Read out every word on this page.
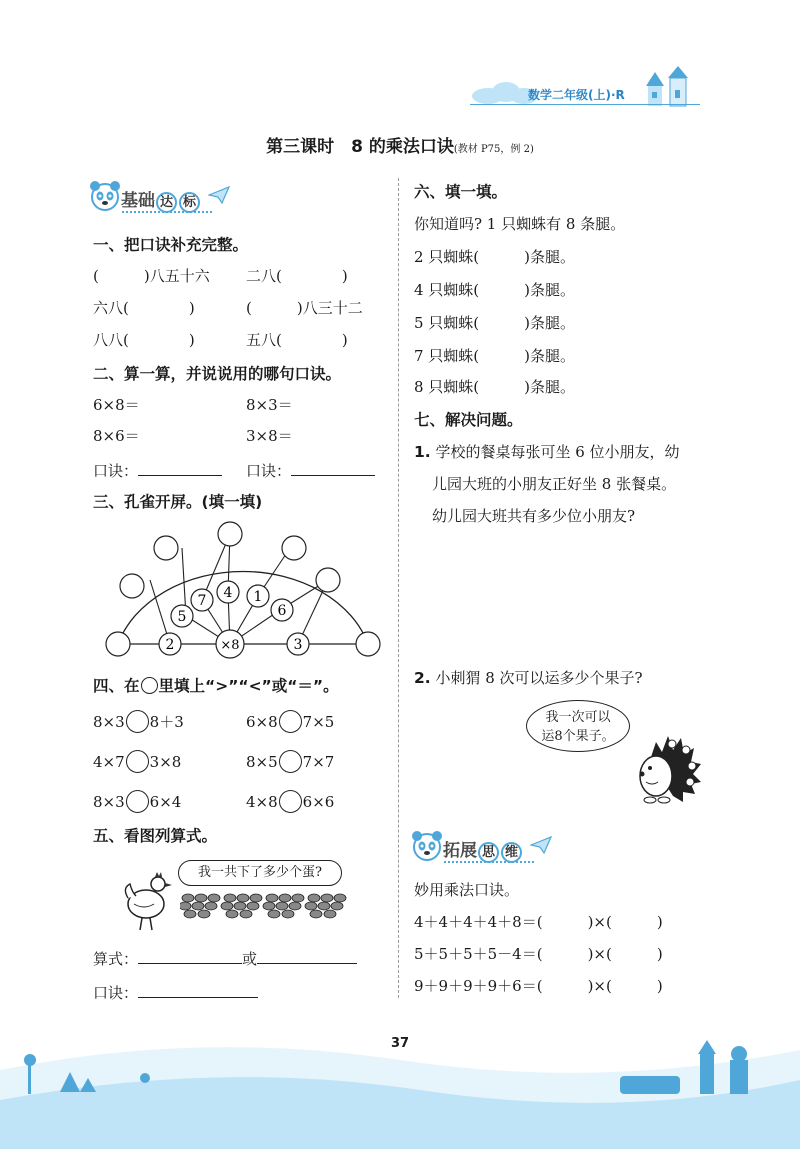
数学二年级(上)·R
第三课时　8 的乘法口诀(教材 P75，例 2)
基础 达 标
一、把口诀补充完整。
(　　　)八五十六 二八(　　　　)
六八(　　　　)	(　　　)八三十二
八八(　　　　)	五八(　　　　)
二、算一算，并说说用的哪句口诀。
6×8＝	8×3＝
8×6＝	3×8＝
口诀：	口诀：
三、孔雀开屏。(填一填)
2
5
7 4 1
6
3
×8
四、在 里填上“>”“<”或“＝”。
8×3 8＋3	6×8 7×5
4×7 3×8	8×5 7×7
8×3 6×4	4×8 6×6
五、看图列算式。
我一共下了多少个蛋?
算式：	或
口诀：
六、填一填。
你知道吗? 1 只蜘蛛有 8 条腿。
2 只蜘蛛(　　　)条腿。
4 只蜘蛛(　　　)条腿。
5 只蜘蛛(　　　)条腿。
7 只蜘蛛(　　　)条腿。
8 只蜘蛛(　　　)条腿。
七、解决问题。
1. 学校的餐桌每张可坐 6 位小朋友，幼
儿园大班的小朋友正好坐 8 张餐桌。
幼儿园大班共有多少位小朋友?
2. 小刺猬 8 次可以运多少个果子?
我一次可以
运8个果子。
拓展 思 维
妙用乘法口诀。
4＋4＋4＋4＋8＝(　　　)×(　　　)
5＋5＋5＋5－4＝(　　　)×(　　　)
9＋9＋9＋9＋6＝(　　　)×(　　　)
37
